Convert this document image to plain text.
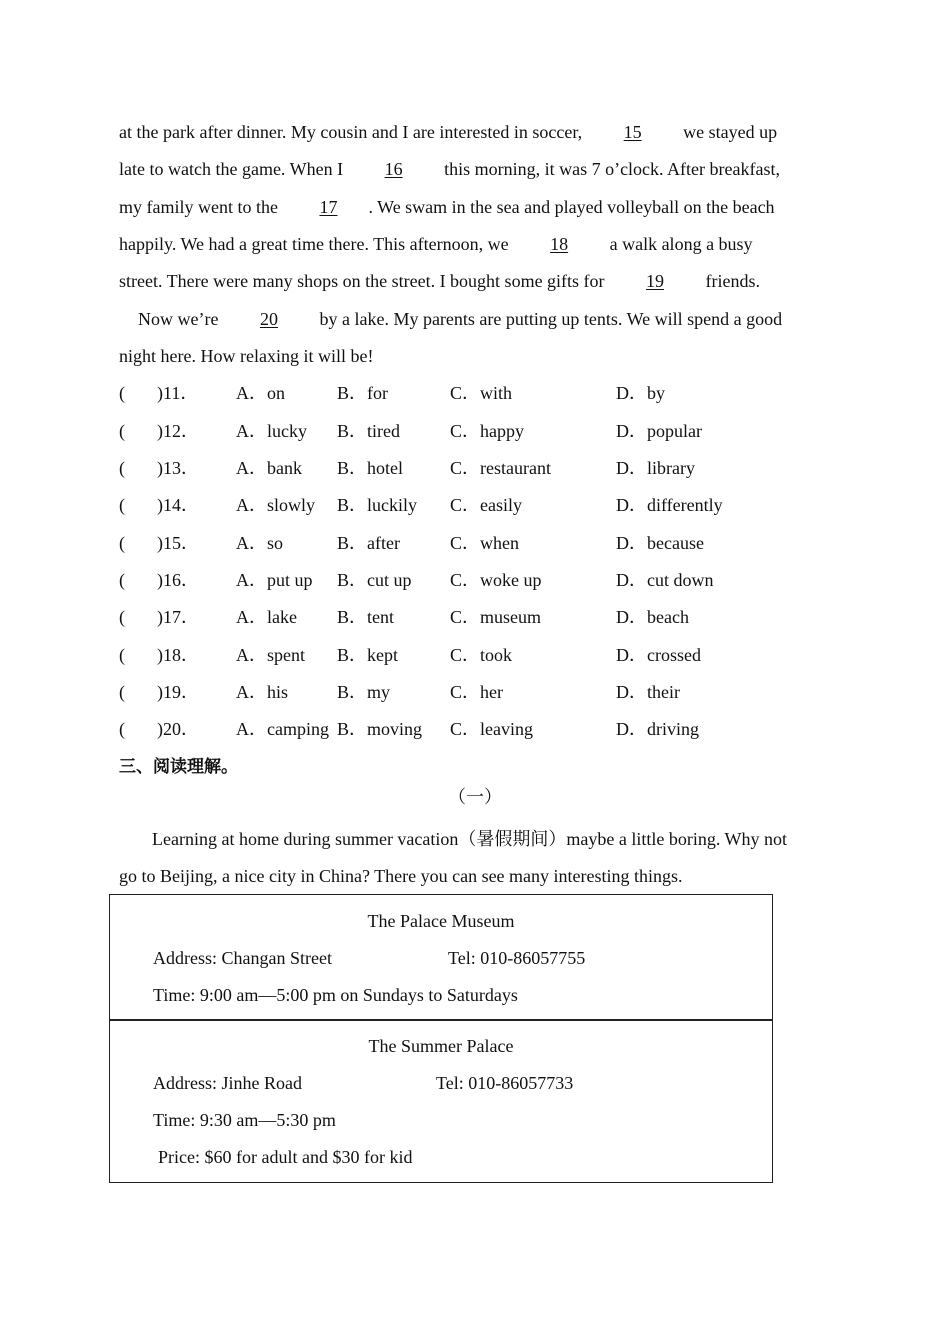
at the park after dinner. My cousin and I are interested in soccer, 15 we stayed up
late to watch the game. When I 16 this morning, it was 7 o’clock. After breakfast,
my family went to the 17 . We swam in the sea and played volleyball on the beach
happily. We had a great time there. This afternoon, we 18 a walk along a busy
street. There were many shops on the street. I bought some gifts for 19 friends.
Now we’re 20 by a lake. My parents are putting up tents. We will spend a good
night here. How relaxing it will be!
( )11． A．on	B．for	C．with	D．by
( )12． A．lucky B．tired	C．happy	D．popular
( )13． A．bank B．hotel	C．restaurant	D．library
( )14． A．slowly B．luckily C．easily	D．differently
( )15． A．so	B．after	C．when	D．because
( )16． A．put up B．cut up C．woke up	D．cut down
( )17． A．lake B．tent	C．museum	D．beach
( )18． A．spent B．kept	C．took	D．crossed
( )19． A．his	B．my	C．her	D．their
( )20． A．camping B．moving C．leaving	D．driving
三、阅读理解。
（一）
Learning at home during summer vacation（暑假期间）maybe a little boring. Why not
go to Beijing, a nice city in China? There you can see many interesting things.
The Palace Museum
Address: Changan Street	Tel: 010-86057755
Time: 9:00 am—5:00 pm on Sundays to Saturdays
The Summer Palace
Address: Jinhe Road	Tel: 010-86057733
Time: 9:30 am—5:30 pm
Price: $60 for adult and $30 for kid
